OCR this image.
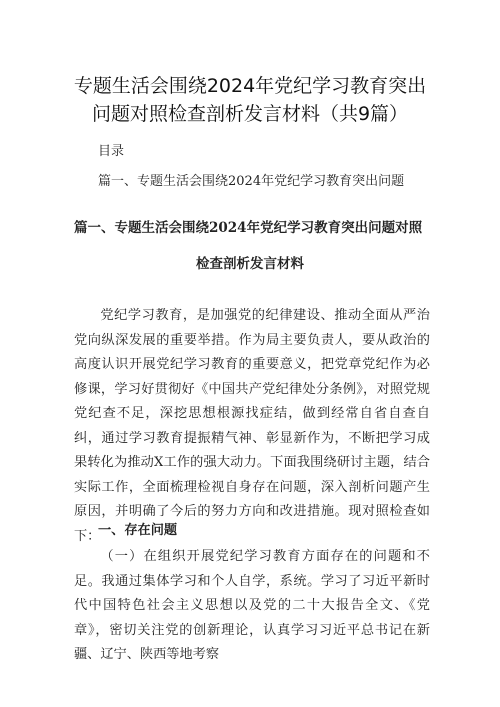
专题生活会围绕2024年党纪学习教育突出
问题对照检查剖析发言材料（共9篇）
目录
篇一、专题生活会围绕2024年党纪学习教育突出问题
篇一、专题生活会围绕2024年党纪学习教育突出问题对照
检查剖析发言材料

党纪学习教育，是加强党的纪律建设、推动全面从严治党向纵深发展的重要举措。作为局主要负责人，要从政治的高度认识开展党纪学习教育的重要意义，把党章党纪作为必修课，学习好贯彻好《中国共产党纪律处分条例》，对照党规党纪查不足，深挖思想根源找症结，做到经常自省自查自纠，通过学习教育提振精气神、彰显新作为，不断把学习成果转化为推动X工作的强大动力。下面我围绕研讨主题，结合实际工作，全面梳理检视自身存在问题，深入剖析问题产生原因，并明确了今后的努力方向和改进措施。现对照检查如下：

一、存在问题

（一）在组织开展党纪学习教育方面存在的问题和不足。我通过集体学习和个人自学，系统。学习了习近平新时代中国特色社会主义思想以及党的二十大报告全文、《党章》，密切关注党的创新理论，认真学习习近平总书记在新疆、辽宁、陕西等地考察
